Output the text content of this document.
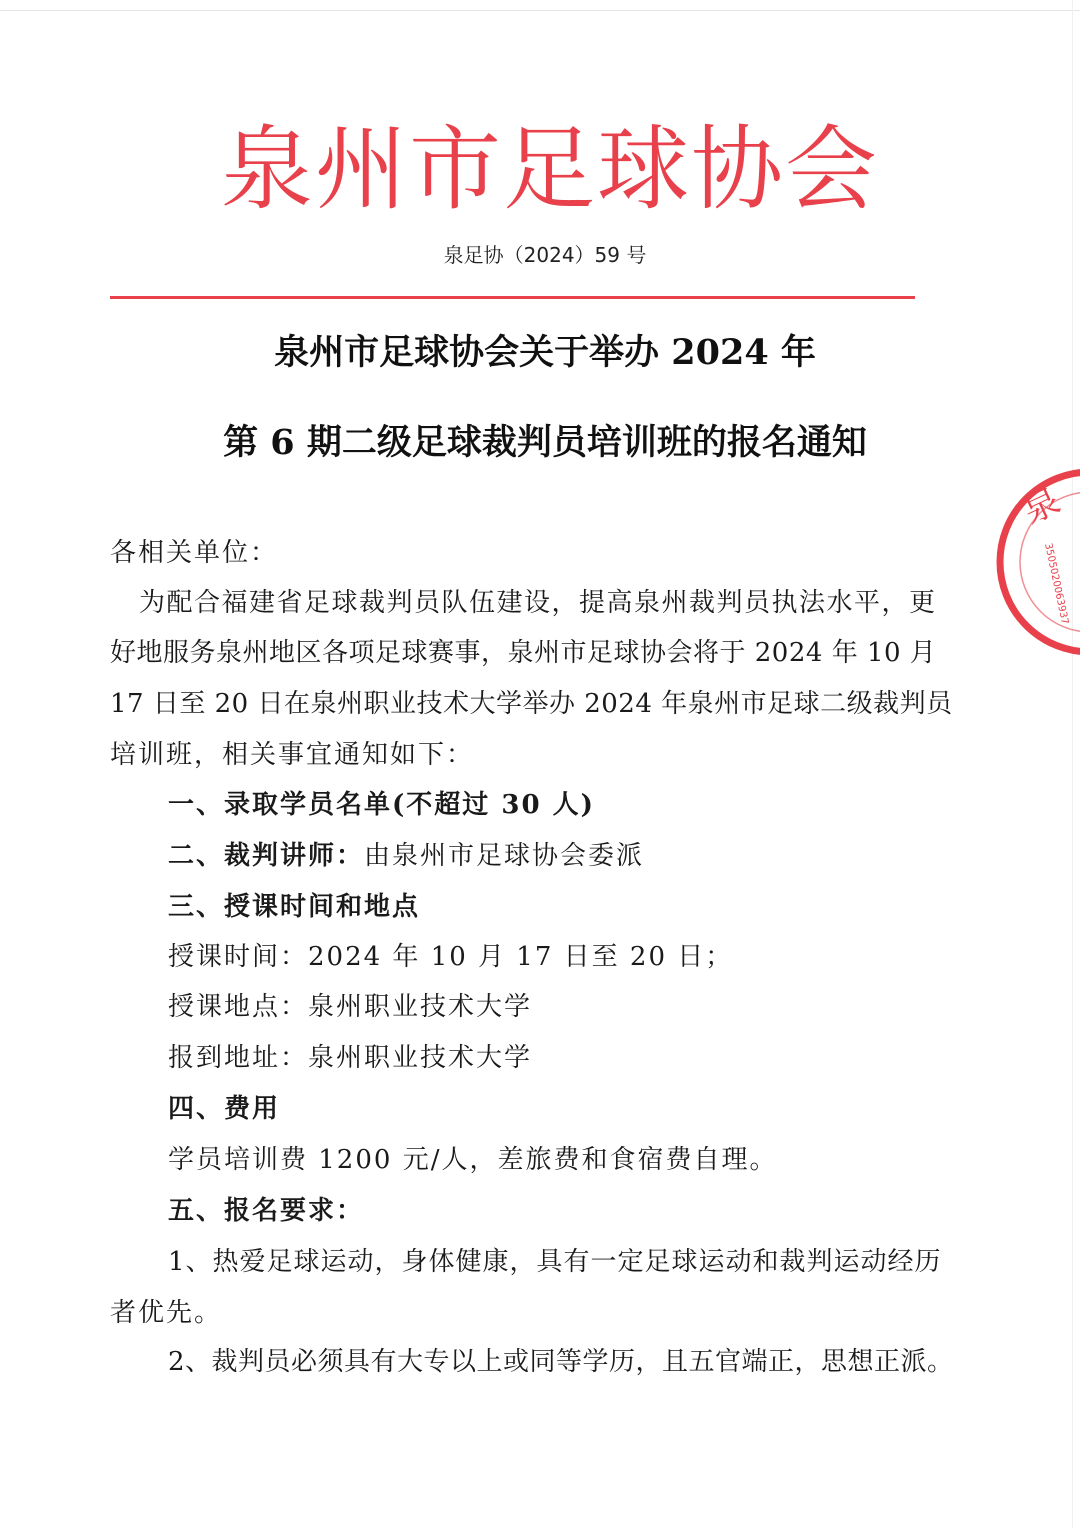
泉州市足球协会
泉足协（2024）59 号
泉州市足球协会关于举办 2024 年
第 6 期二级足球裁判员培训班的报名通知
各相关单位：
为配合福建省足球裁判员队伍建设，提高泉州裁判员执法水平，更
好地服务泉州地区各项足球赛事，泉州市足球协会将于 2024 年 10 月
17 日至 20 日在泉州职业技术大学举办 2024 年泉州市足球二级裁判员
培训班，相关事宜通知如下：
一、录取学员名单(不超过 30 人)
二、裁判讲师：由泉州市足球协会委派
三、授课时间和地点
授课时间：2024 年 10 月 17 日至 20 日；
授课地点：泉州职业技术大学
报到地址：泉州职业技术大学
四、费用
学员培训费 1200 元/人，差旅费和食宿费自理。
五、报名要求：
1、热爱足球运动，身体健康，具有一定足球运动和裁判运动经历
者优先。
2、裁判员必须具有大专以上或同等学历，且五官端正，思想正派。
泉
3505020063937
